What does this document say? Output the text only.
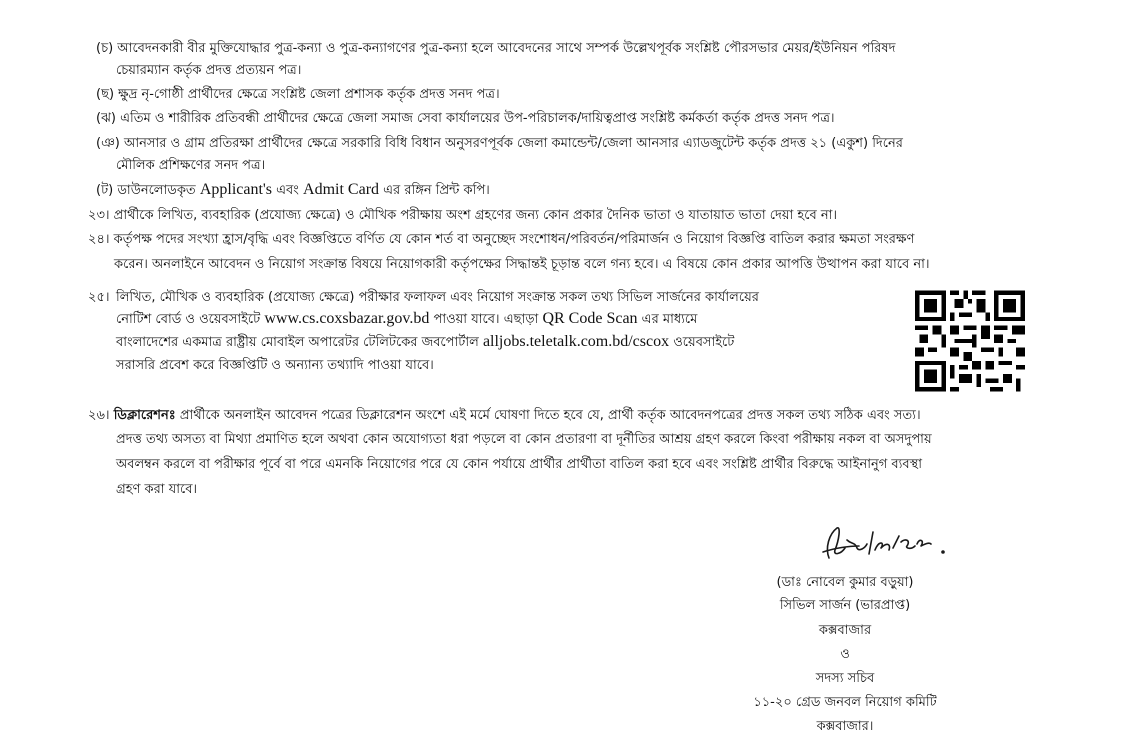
(চ) আবেদনকারী বীর মুক্তিযোদ্ধার পুত্র-কন্যা ও পুত্র-কন্যাগণের পুত্র-কন্যা হলে আবেদনের সাথে সম্পর্ক উল্লেখপূর্বক সংশ্লিষ্ট পৌরসভার মেয়র/ইউনিয়ন পরিষদ
চেয়ারম্যান কর্তৃক প্রদত্ত প্রত্যয়ন পত্র।
(ছ) ক্ষুদ্র নৃ-গোষ্ঠী প্রার্থীদের ক্ষেত্রে সংশ্লিষ্ট জেলা প্রশাসক কর্তৃক প্রদত্ত সনদ পত্র।
(ঝ) এতিম ও শারীরিক প্রতিবন্ধী প্রার্থীদের ক্ষেত্রে জেলা সমাজ সেবা কার্যালয়ের উপ-পরিচালক/দায়িত্বপ্রাপ্ত সংশ্লিষ্ট কর্মকর্তা কর্তৃক প্রদত্ত সনদ পত্র।
(ঞ) আনসার ও গ্রাম প্রতিরক্ষা প্রার্থীদের ক্ষেত্রে সরকারি বিধি বিধান অনুসরণপূর্বক জেলা কমান্ডেন্ট/জেলা আনসার এ্যাডজুটেন্ট কর্তৃক প্রদত্ত ২১ (একুশ) দিনের
মৌলিক প্রশিক্ষণের সনদ পত্র।
(ট) ডাউনলোডকৃত Applicant's এবং Admit Card এর রঙ্গিন প্রিন্ট কপি।
২৩। প্রার্থীকে লিখিত, ব্যবহারিক (প্রযোজ্য ক্ষেত্রে) ও মৌখিক পরীক্ষায় অংশ গ্রহণের জন্য কোন প্রকার দৈনিক ভাতা ও যাতায়াত ভাতা দেয়া হবে না।
২৪। কর্তৃপক্ষ পদের সংখ্যা হ্রাস/বৃদ্ধি এবং বিজ্ঞপ্তিতে বর্ণিত যে কোন শর্ত বা অনুচ্ছেদ সংশোধন/পরিবর্তন/পরিমার্জন ও নিয়োগ বিজ্ঞপ্তি বাতিল করার ক্ষমতা সংরক্ষণ
করেন। অনলাইনে আবেদন ও নিয়োগ সংক্রান্ত বিষয়ে নিয়োগকারী কর্তৃপক্ষের সিদ্ধান্তই চূড়ান্ত বলে গন্য হবে। এ বিষয়ে কোন প্রকার আপত্তি উত্থাপন করা যাবে না।
২৫। লিখিত, মৌখিক ও ব্যবহারিক (প্রযোজ্য ক্ষেত্রে) পরীক্ষার ফলাফল এবং নিয়োগ সংক্রান্ত সকল তথ্য সিভিল সার্জনের কার্যালয়ের
নোটিশ বোর্ড ও ওয়েবসাইটে www.cs.coxsbazar.gov.bd পাওয়া যাবে। এছাড়া QR Code Scan এর মাধ্যমে
বাংলাদেশের একমাত্র রাষ্ট্রীয় মোবাইল অপারেটর টেলিটকের জবপোর্টাল alljobs.teletalk.com.bd/cscox ওয়েবসাইটে
সরাসরি প্রবেশ করে বিজ্ঞপ্তিটি ও অন্যান্য তথ্যাদি পাওয়া যাবে।
২৬। ডিক্লারেশনঃ প্রার্থীকে অনলাইন আবেদন পত্রের ডিক্লারেশন অংশে এই মর্মে ঘোষণা দিতে হবে যে, প্রার্থী কর্তৃক আবেদনপত্রের প্রদত্ত সকল তথ্য সঠিক এবং সত্য।
প্রদত্ত তথ্য অসত্য বা মিথ্যা প্রমাণিত হলে অথবা কোন অযোগ্যতা ধরা পড়লে বা কোন প্রতারণা বা দূর্নীতির আশ্রয় গ্রহণ করলে কিংবা পরীক্ষায় নকল বা অসদুপায়
অবলম্বন করলে বা পরীক্ষার পূর্বে বা পরে এমনকি নিয়োগের পরে যে কোন পর্যায়ে প্রার্থীর প্রার্থীতা বাতিল করা হবে এবং সংশ্লিষ্ট প্রার্থীর বিরুদ্ধে আইনানুগ ব্যবস্থা
গ্রহণ করা যাবে।
(ডাঃ নোবেল কুমার বড়ুয়া)
সিভিল সার্জন (ভারপ্রাপ্ত)
কক্সবাজার
ও
সদস্য সচিব
১১-২০ গ্রেড জনবল নিয়োগ কমিটি
কক্সবাজার।
